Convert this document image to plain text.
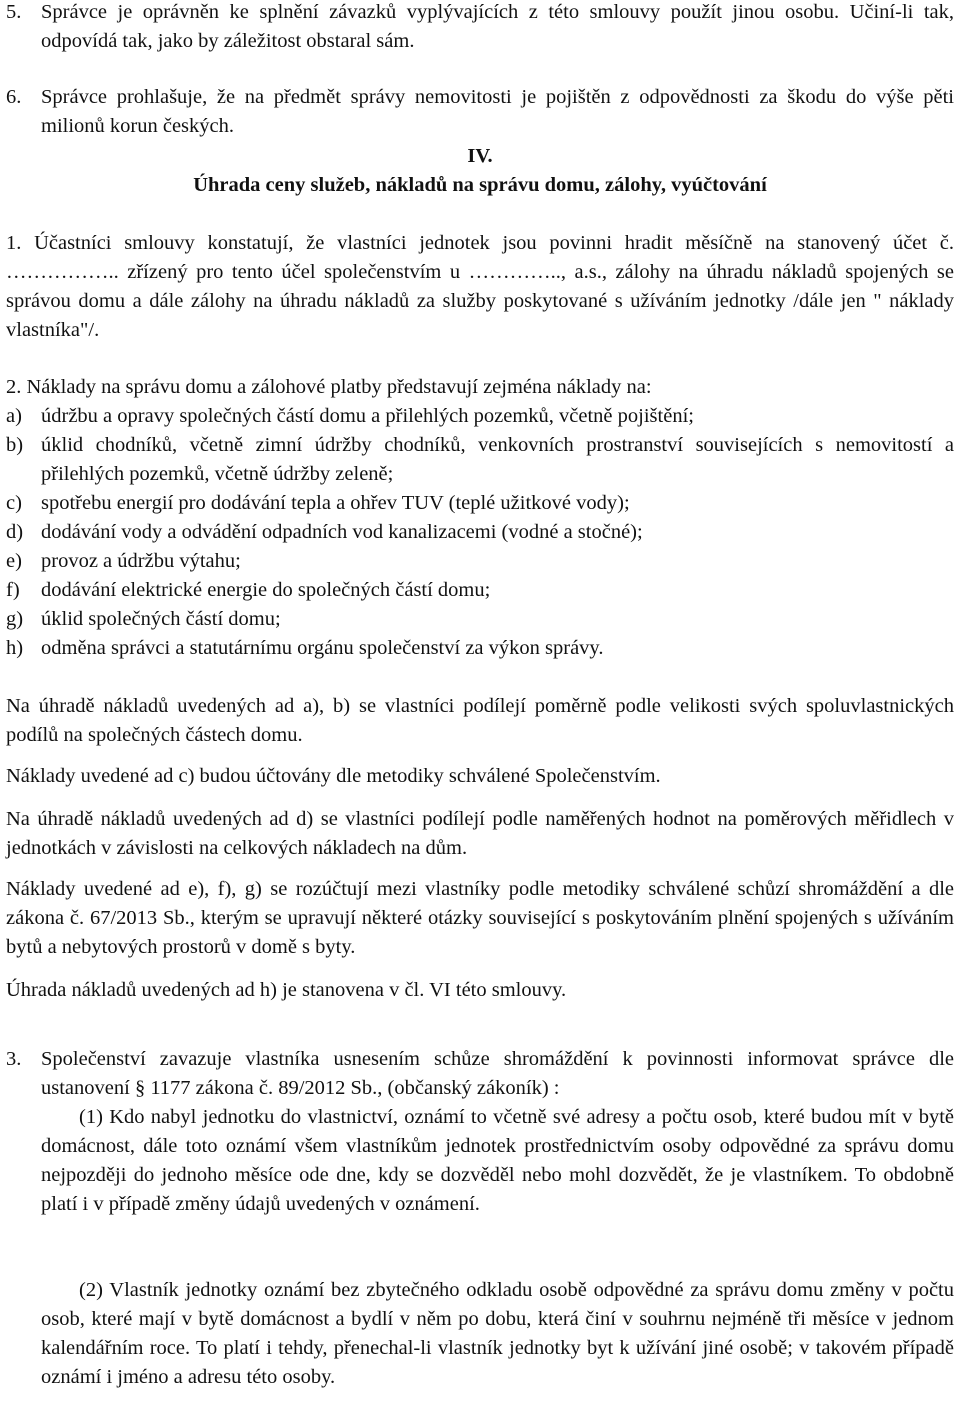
5. Správce je oprávněn ke splnění závazků vyplývajících z této smlouvy použít jinou osobu. Učiní-li tak, odpovídá tak, jako by záležitost obstaral sám.

6. Správce prohlašuje, že na předmět správy nemovitosti je pojištěn z odpovědnosti za škodu do výše pěti milionů korun českých.

IV.
Úhrada ceny služeb, nákladů na správu domu, zálohy, vyúčtování

1. Účastníci smlouvy konstatují, že vlastníci jednotek jsou povinni hradit měsíčně na stanovený účet č. …………….. zřízený pro tento účel společenstvím u ………….., a.s., zálohy na úhradu nákladů spojených se správou domu a dále zálohy na úhradu nákladů za služby poskytované s užíváním jednotky /dále jen " náklady vlastníka"/.

2. Náklady na správu domu a zálohové platby představují zejména náklady na:

a) údržbu a opravy společných částí domu a přilehlých pozemků, včetně pojištění;
b) úklid chodníků, včetně zimní údržby chodníků, venkovních prostranství souvisejících s nemovitostí a přilehlých pozemků, včetně údržby zeleně;
c) spotřebu energií pro dodávání tepla a ohřev TUV (teplé užitkové vody);
d) dodávání vody a odvádění odpadních vod kanalizacemi (vodné a stočné);
e) provoz a údržbu výtahu;
f) dodávání elektrické energie do společných částí domu;
g) úklid společných částí domu;
h) odměna správci a statutárnímu orgánu společenství za výkon správy.

Na úhradě nákladů uvedených ad a), b) se vlastníci podílejí poměrně podle velikosti svých spoluvlastnických podílů na společných částech domu.

Náklady uvedené ad c) budou účtovány dle metodiky schválené Společenstvím.

Na úhradě nákladů uvedených ad d) se vlastníci podílejí podle naměřených hodnot na poměrových měřidlech v jednotkách v závislosti na celkových nákladech na dům.

Náklady uvedené ad e), f), g) se rozúčtují mezi vlastníky podle metodiky schválené schůzí shromáždění a dle zákona č. 67/2013 Sb., kterým se upravují některé otázky související s poskytováním plnění spojených s užíváním bytů a nebytových prostorů v domě s byty.

Úhrada nákladů uvedených ad h) je stanovena v čl. VI této smlouvy.

3. Společenství zavazuje vlastníka usnesením schůze shromáždění k povinnosti informovat správce dle ustanovení § 1177 zákona č. 89/2012 Sb., (občanský zákoník) :

(1) Kdo nabyl jednotku do vlastnictví, oznámí to včetně své adresy a počtu osob, které budou mít v bytě domácnost, dále toto oznámí všem vlastníkům jednotek prostřednictvím osoby odpovědné za správu domu nejpozději do jednoho měsíce ode dne, kdy se dozvěděl nebo mohl dozvědět, že je vlastníkem. To obdobně platí i v případě změny údajů uvedených v oznámení.

(2) Vlastník jednotky oznámí bez zbytečného odkladu osobě odpovědné za správu domu změny v počtu osob, které mají v bytě domácnost a bydlí v něm po dobu, která činí v souhrnu nejméně tři měsíce v jednom kalendářním roce. To platí i tehdy, přenechal-li vlastník jednotky byt k užívání jiné osobě; v takovém případě oznámí i jméno a adresu této osoby.
